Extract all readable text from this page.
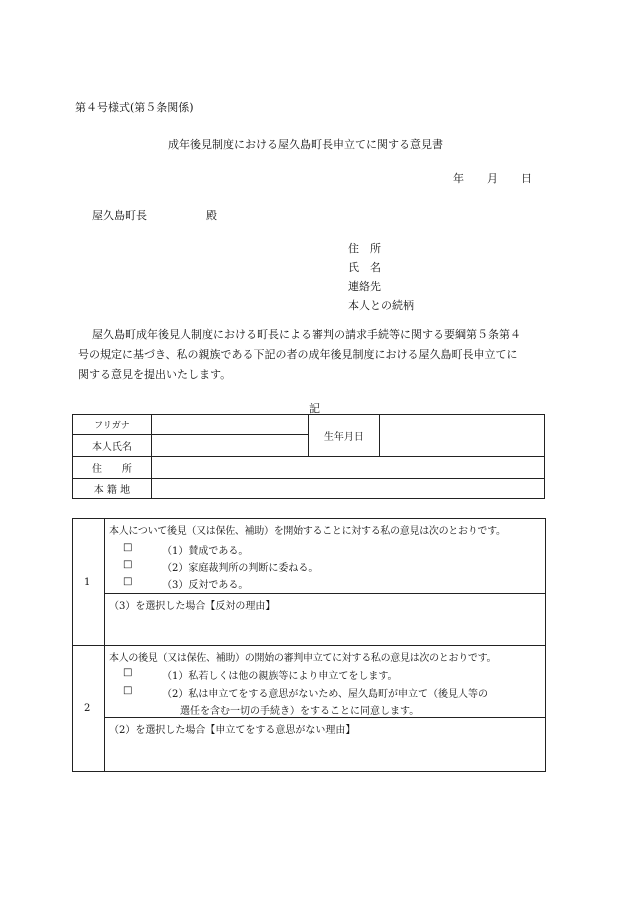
第４号様式(第５条関係)
成年後見制度における屋久島町長申立てに関する意見書
年 月 日
屋久島町長	殿
住　所
氏　名
連絡先
本人との続柄
屋久島町成年後見人制度における町長による審判の請求手続等に関する要綱第５条第４
号の規定に基づき、私の親族である下記の者の成年後見制度における屋久島町長申立てに
関する意見を提出いたします。
記
フリガナ		生年月日	
本人氏名			
住　　所			
本 籍 地			
1
本人について後見（又は保佐、補助）を開始することに対する私の意見は次のとおりです。
□	（1）賛成である。
□	（2）家庭裁判所の判断に委ねる。
□	（3）反対である。
（3）を選択した場合【反対の理由】
2
本人の後見（又は保佐、補助）の開始の審判申立てに対する私の意見は次のとおりです。
□	（1）私若しくは他の親族等により申立てをします。
□	（2）私は申立てをする意思がないため、屋久島町が申立て（後見人等の
選任を含む一切の手続き）をすることに同意します。
（2）を選択した場合【申立てをする意思がない理由】
